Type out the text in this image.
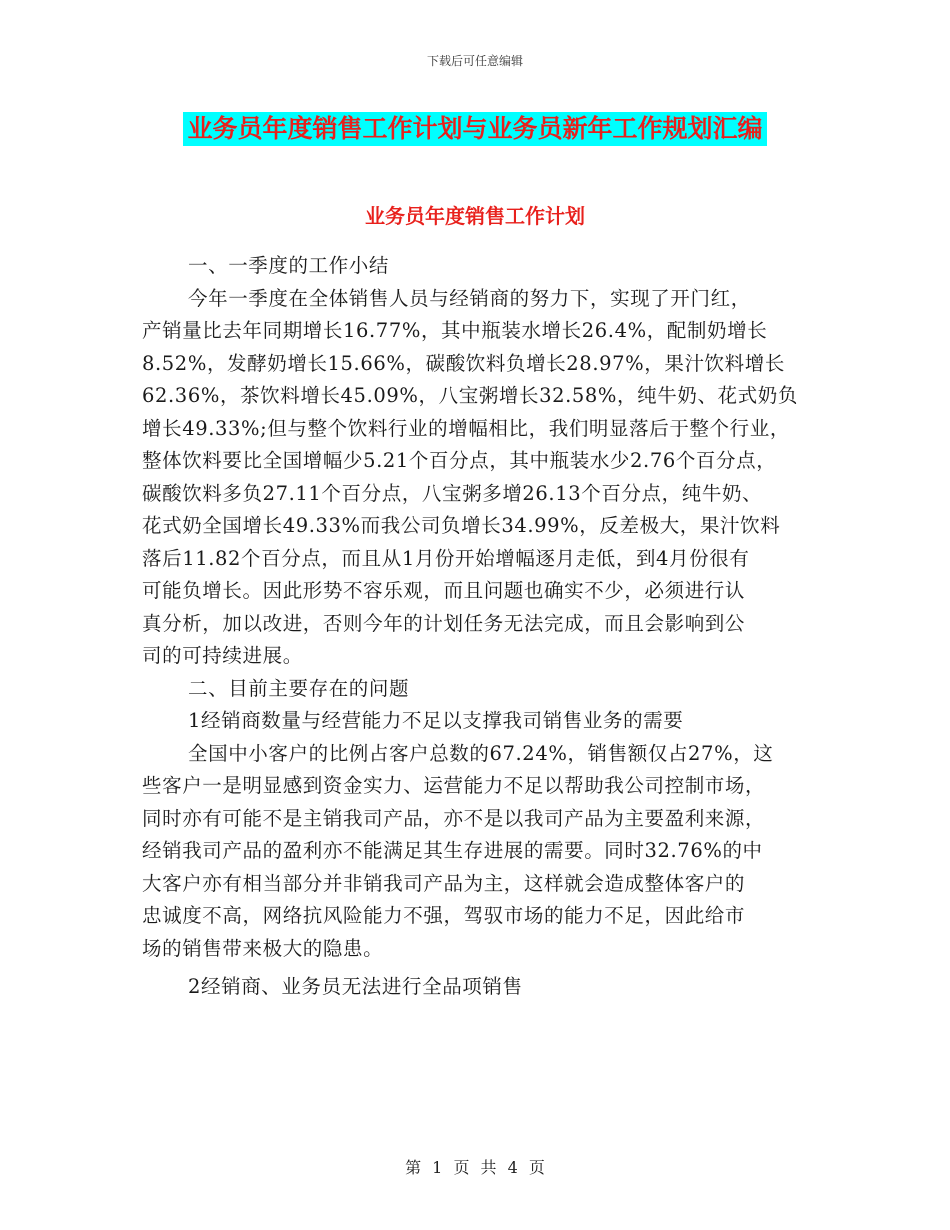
下载后可任意编辑
业务员年度销售工作计划与业务员新年工作规划汇编
业务员年度销售工作计划
一、一季度的工作小结
今年一季度在全体销售人员与经销商的努力下，实现了开门红，
产销量比去年同期增长16.77%，其中瓶装水增长26.4%，配制奶增长
8.52%，发酵奶增长15.66%，碳酸饮料负增长28.97%，果汁饮料增长
62.36%，茶饮料增长45.09%，八宝粥增长32.58%，纯牛奶、花式奶负
增长49.33%;但与整个饮料行业的增幅相比，我们明显落后于整个行业，
整体饮料要比全国增幅少5.21个百分点，其中瓶装水少2.76个百分点，
碳酸饮料多负27.11个百分点，八宝粥多增26.13个百分点，纯牛奶、
花式奶全国增长49.33%而我公司负增长34.99%，反差极大，果汁饮料
落后11.82个百分点，而且从1月份开始增幅逐月走低，到4月份很有
可能负增长。因此形势不容乐观，而且问题也确实不少，必须进行认
真分析，加以改进，否则今年的计划任务无法完成，而且会影响到公
司的可持续进展。
二、目前主要存在的问题
1经销商数量与经营能力不足以支撑我司销售业务的需要
全国中小客户的比例占客户总数的67.24%，销售额仅占27%，这
些客户一是明显感到资金实力、运营能力不足以帮助我公司控制市场，
同时亦有可能不是主销我司产品，亦不是以我司产品为主要盈利来源，
经销我司产品的盈利亦不能满足其生存进展的需要。同时32.76%的中
大客户亦有相当部分并非销我司产品为主，这样就会造成整体客户的
忠诚度不高，网络抗风险能力不强，驾驭市场的能力不足，因此给市
场的销售带来极大的隐患。
2经销商、业务员无法进行全品项销售
第 1 页 共 4 页
